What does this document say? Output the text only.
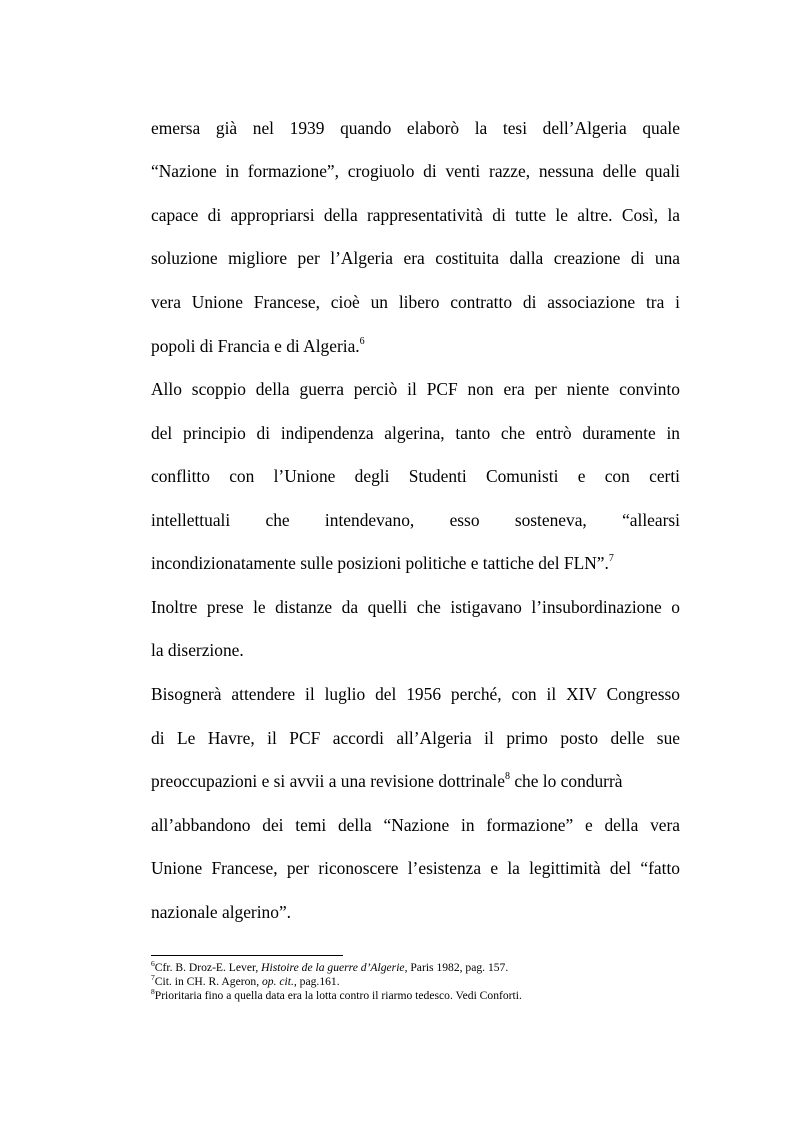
emersa già nel 1939 quando elaborò la tesi dell’Algeria quale
“Nazione in formazione”, crogiuolo di venti razze, nessuna delle quali
capace di appropriarsi della rappresentatività di tutte le altre. Così, la
soluzione migliore per l’Algeria era costituita dalla creazione di una
vera Unione Francese, cioè un libero contratto di associazione tra i
popoli di Francia e di Algeria.$^6$
Allo scoppio della guerra perciò il PCF non era per niente convinto
del principio di indipendenza algerina, tanto che entrò duramente in
conflitto con l’Unione degli Studenti Comunisti e con certi
intellettuali che intendevano, esso sosteneva, “allearsi
incondizionatamente sulle posizioni politiche e tattiche del FLN”.$^7$
Inoltre prese le distanze da quelli che istigavano l’insubordinazione o
la diserzione.
Bisognerà attendere il luglio del 1956 perché, con il XIV Congresso
di Le Havre, il PCF accordi all’Algeria il primo posto delle sue
preoccupazioni e si avvii a una revisione dottrinale$^8$ che lo condurrà
all’abbandono dei temi della “Nazione in formazione” e della vera
Unione Francese, per riconoscere l’esistenza e la legittimità del “fatto
nazionale algerino”.
$^6$Cfr. B. Droz-E. Lever, Histoire de la guerre d’Algerie, Paris 1982, pag. 157.
$^7$Cit. in CH. R. Ageron, op. cit., pag.161.
$^8$Prioritaria fino a quella data era la lotta contro il riarmo tedesco. Vedi Conforti.
